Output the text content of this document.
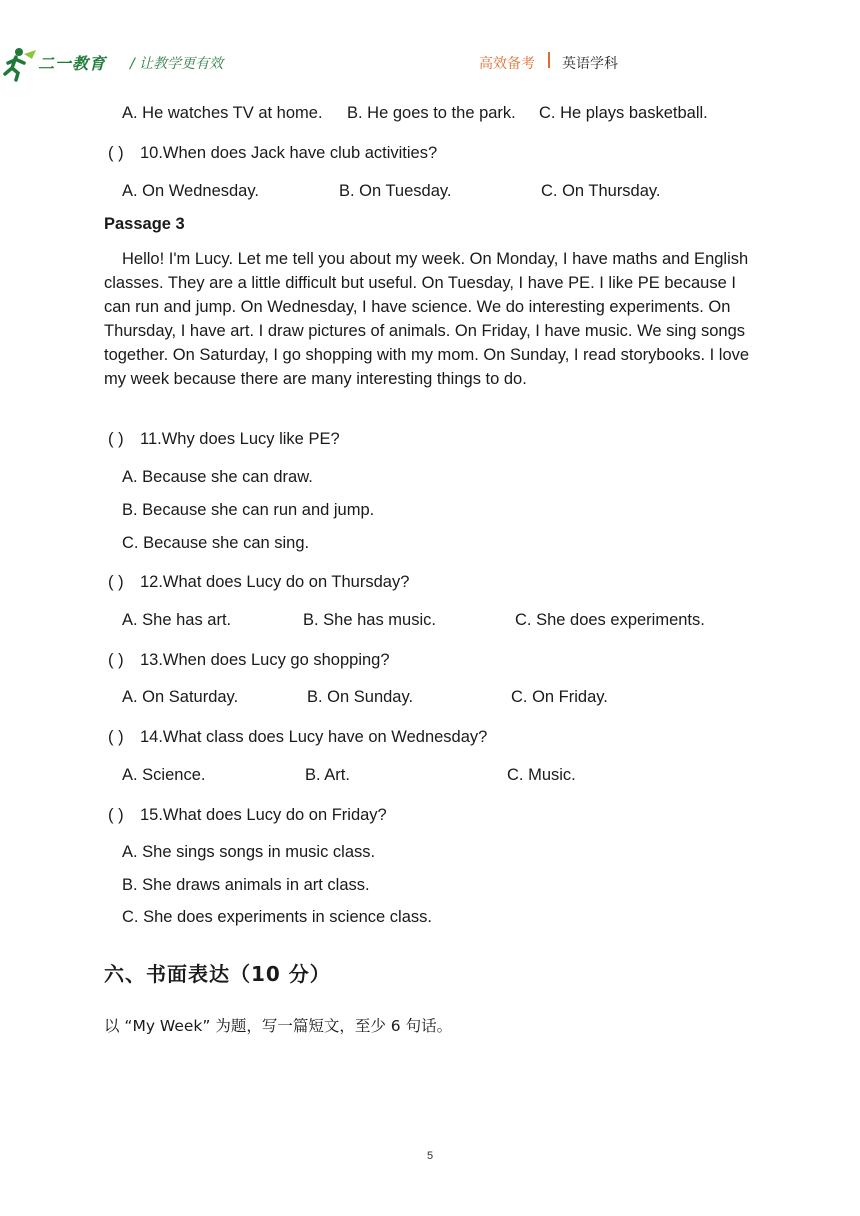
二一教育 / 让教学更有效	高效备考 英语学科
A. He watches TV at home. B. He goes to the park. C. He plays basketball.
( ) 10.When does Jack have club activities?
A. On Wednesday.	B. On Tuesday.	C. On Thursday.
Passage 3
Hello! I'm Lucy. Let me tell you about my week. On Monday, I have maths and English classes. They are a little difficult but useful. On Tuesday, I have PE. I like PE because I can run and jump. On Wednesday, I have science. We do interesting experiments. On Thursday, I have art. I draw pictures of animals. On Friday, I have music. We sing songs together. On Saturday, I go shopping with my mom. On Sunday, I read storybooks. I love my week because there are many interesting things to do.
( ) 11.Why does Lucy like PE?
A. Because she can draw.
B. Because she can run and jump.
C. Because she can sing.
( ) 12.What does Lucy do on Thursday?
A. She has art.	B. She has music.	C. She does experiments.
( ) 13.When does Lucy go shopping?
A. On Saturday.	B. On Sunday.	C. On Friday.
( ) 14.What class does Lucy have on Wednesday?
A. Science.	B. Art.	C. Music.
( ) 15.What does Lucy do on Friday?
A. She sings songs in music class.
B. She draws animals in art class.
C. She does experiments in science class.
六、书面表达（10 分）
以 “My Week” 为题，写一篇短文，至少 6 句话。
5
